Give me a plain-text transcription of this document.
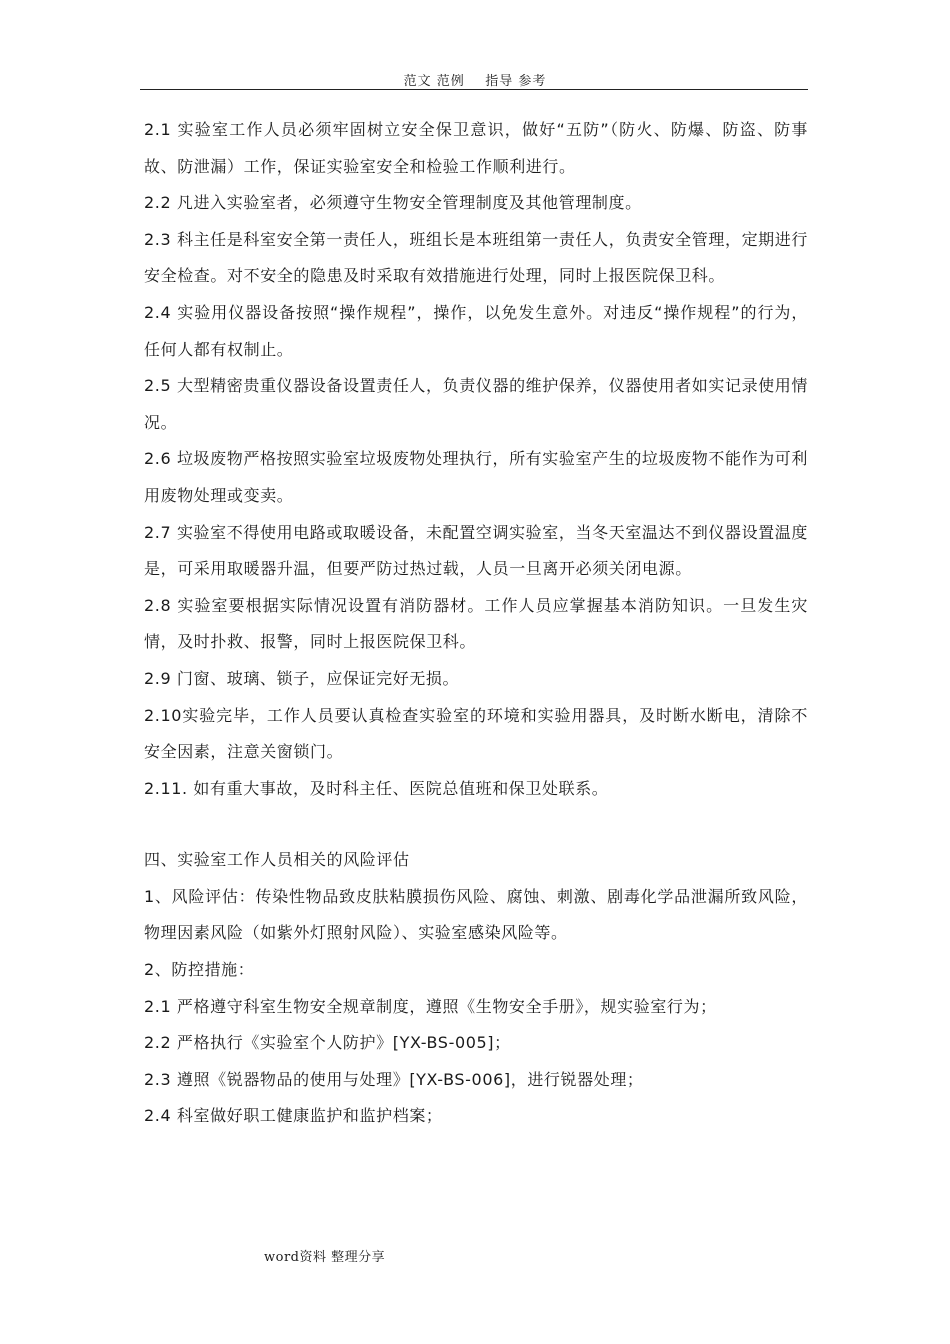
范文 范例    指导 参考

2.1 实验室工作人员必须牢固树立安全保卫意识，做好“五防”（防火、防爆、防盗、防事故、防泄漏）工作，保证实验室安全和检验工作顺利进行。

2.2 凡进入实验室者，必须遵守生物安全管理制度及其他管理制度。

2.3 科主任是科室安全第一责任人，班组长是本班组第一责任人，负责安全管理，定期进行安全检查。对不安全的隐患及时采取有效措施进行处理，同时上报医院保卫科。

2.4 实验用仪器设备按照“操作规程”，操作，以免发生意外。对违反“操作规程”的行为，任何人都有权制止。

2.5 大型精密贵重仪器设备设置责任人，负责仪器的维护保养，仪器使用者如实记录使用情况。

2.6 垃圾废物严格按照实验室垃圾废物处理执行，所有实验室产生的垃圾废物不能作为可利用废物处理或变卖。

2.7 实验室不得使用电路或取暖设备，未配置空调实验室，当冬天室温达不到仪器设置温度是，可采用取暖器升温，但要严防过热过载，人员一旦离开必须关闭电源。

2.8 实验室要根据实际情况设置有消防器材。工作人员应掌握基本消防知识。一旦发生灾情，及时扑救、报警，同时上报医院保卫科。

2.9 门窗、玻璃、锁子，应保证完好无损。

2.10实验完毕，工作人员要认真检查实验室的环境和实验用器具，及时断水断电，清除不安全因素，注意关窗锁门。

2.11. 如有重大事故，及时科主任、医院总值班和保卫处联系。

四、实验室工作人员相关的风险评估

1、风险评估：传染性物品致皮肤粘膜损伤风险、腐蚀、刺激、剧毒化学品泄漏所致风险，物理因素风险（如紫外灯照射风险）、实验室感染风险等。

2、防控措施：

2.1 严格遵守科室生物安全规章制度，遵照《生物安全手册》，规实验室行为；

2.2 严格执行《实验室个人防护》[YX-BS-005]；

2.3 遵照《锐器物品的使用与处理》[YX-BS-006]，进行锐器处理；

2.4 科室做好职工健康监护和监护档案；

word资料 整理分享
